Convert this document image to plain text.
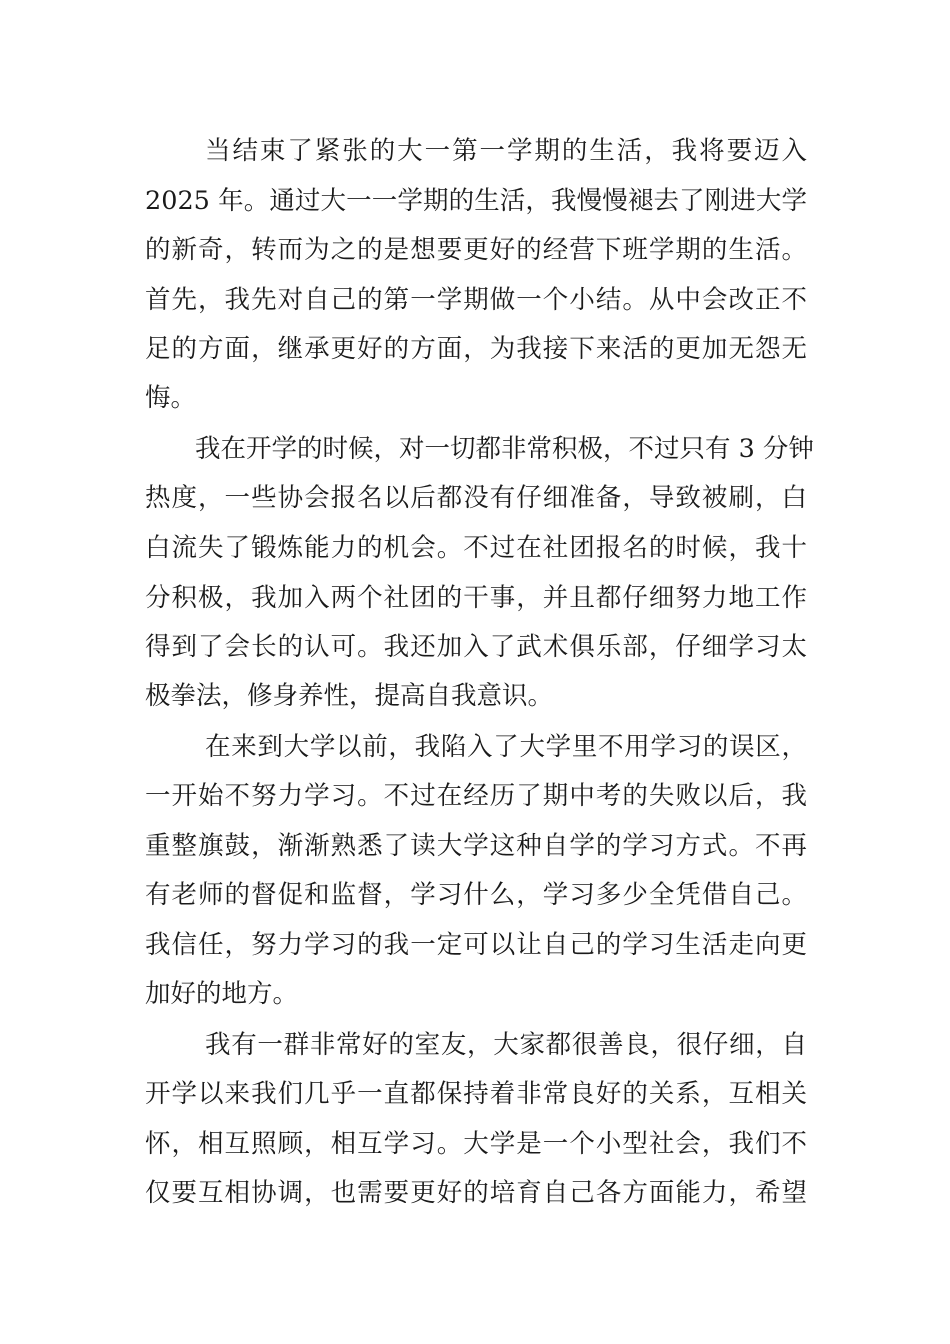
当结束了紧张的大一第一学期的生活，我将要迈入
2025 年。通过大一一学期的生活，我慢慢褪去了刚进大学
的新奇，转而为之的是想要更好的经营下班学期的生活。
首先，我先对自己的第一学期做一个小结。从中会改正不
足的方面，继承更好的方面，为我接下来活的更加无怨无
悔。
我在开学的时候，对一切都非常积极，不过只有 3 分钟
热度，一些协会报名以后都没有仔细准备，导致被刷，白
白流失了锻炼能力的机会。不过在社团报名的时候，我十
分积极，我加入两个社团的干事，并且都仔细努力地工作
得到了会长的认可。我还加入了武术俱乐部，仔细学习太
极拳法，修身养性，提高自我意识。
在来到大学以前，我陷入了大学里不用学习的误区，
一开始不努力学习。不过在经历了期中考的失败以后，我
重整旗鼓，渐渐熟悉了读大学这种自学的学习方式。不再
有老师的督促和监督，学习什么，学习多少全凭借自己。
我信任，努力学习的我一定可以让自己的学习生活走向更
加好的地方。
我有一群非常好的室友，大家都很善良，很仔细，自
开学以来我们几乎一直都保持着非常良好的关系，互相关
怀，相互照顾，相互学习。大学是一个小型社会，我们不
仅要互相协调，也需要更好的培育自己各方面能力，希望
